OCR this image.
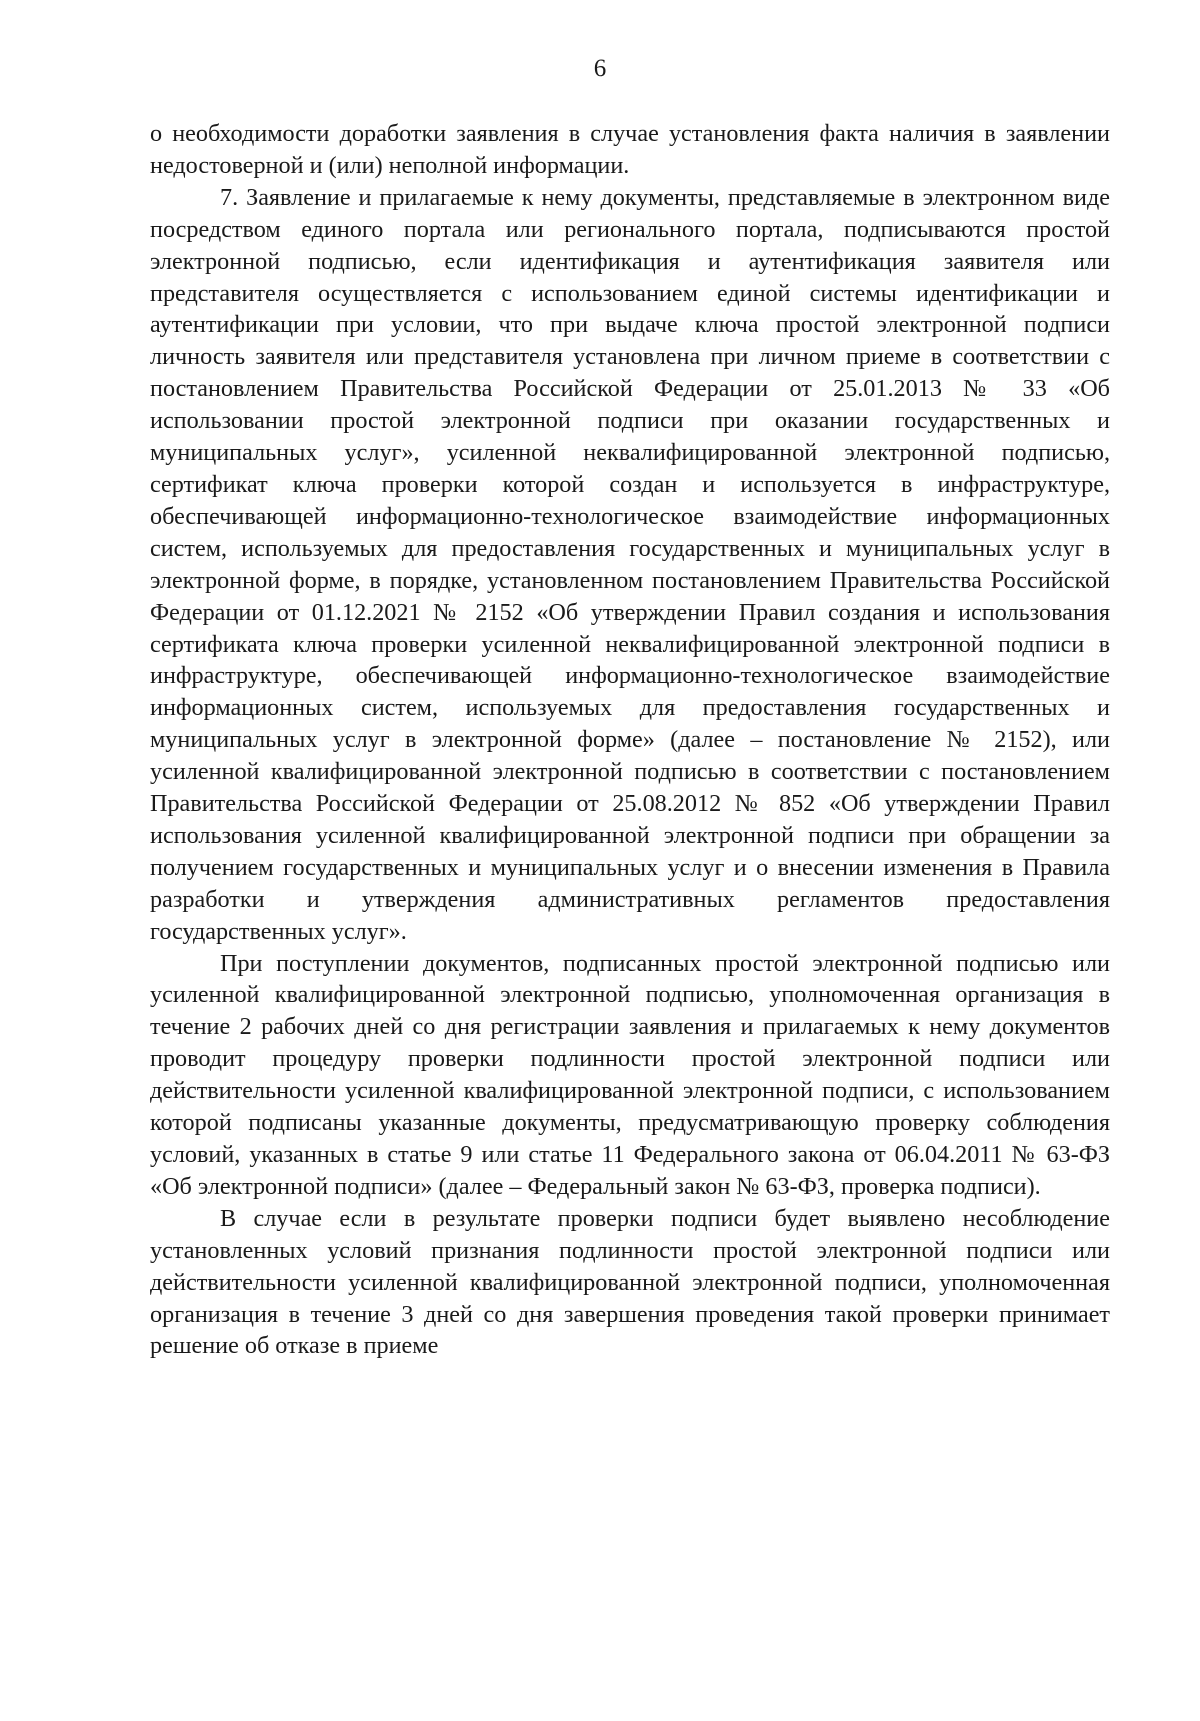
6

о необходимости доработки заявления в случае установления факта наличия в заявлении недостоверной и (или) неполной информации.

7. Заявление и прилагаемые к нему документы, представляемые в электронном виде посредством единого портала или регионального портала, подписываются простой электронной подписью, если идентификация и аутентификация заявителя или представителя осуществляется с использованием единой системы идентификации и аутентификации при условии, что при выдаче ключа простой электронной подписи личность заявителя или представителя установлена при личном приеме в соответствии с постановлением Правительства Российской Федерации от 25.01.2013 № 33 «Об использовании простой электронной подписи при оказании государственных и муниципальных услуг», усиленной неквалифицированной электронной подписью, сертификат ключа проверки которой создан и используется в инфраструктуре, обеспечивающей информационно-технологическое взаимодействие информационных систем, используемых для предоставления государственных и муниципальных услуг в электронной форме, в порядке, установленном постановлением Правительства Российской Федерации от 01.12.2021 № 2152 «Об утверждении Правил создания и использования сертификата ключа проверки усиленной неквалифицированной электронной подписи в инфраструктуре, обеспечивающей информационно-технологическое взаимодействие информационных систем, используемых для предоставления государственных и муниципальных услуг в электронной форме» (далее – постановление № 2152), или усиленной квалифицированной электронной подписью в соответствии с постановлением Правительства Российской Федерации от 25.08.2012 № 852 «Об утверждении Правил использования усиленной квалифицированной электронной подписи при обращении за получением государственных и муниципальных услуг и о внесении изменения в Правила разработки и утверждения административных регламентов предоставления государственных услуг».

При поступлении документов, подписанных простой электронной подписью или усиленной квалифицированной электронной подписью, уполномоченная организация в течение 2 рабочих дней со дня регистрации заявления и прилагаемых к нему документов проводит процедуру проверки подлинности простой электронной подписи или действительности усиленной квалифицированной электронной подписи, с использованием которой подписаны указанные документы, предусматривающую проверку соблюдения условий, указанных в статье 9 или статье 11 Федерального закона от 06.04.2011 № 63-ФЗ «Об электронной подписи» (далее – Федеральный закон № 63-ФЗ, проверка подписи).

В случае если в результате проверки подписи будет выявлено несоблюдение установленных условий признания подлинности простой электронной подписи или действительности усиленной квалифицированной электронной подписи, уполномоченная организация в течение 3 дней со дня завершения проведения такой проверки принимает решение об отказе в приеме
